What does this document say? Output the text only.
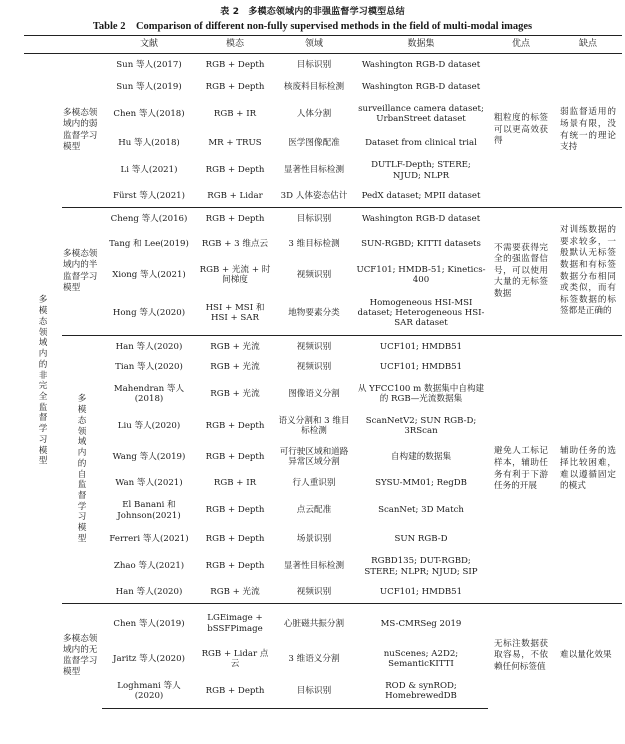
表 2　多模态领域内的非强监督学习模型总结
Table 2　Comparison of different non-fully supervised methods in the field of multi-modal images
		文献	模态	领域	数据集	优点	缺点
多模态领域内的非完全监督学习模型	多模态领域内的弱监督学习模型	Sun 等人(2017)	RGB + Depth	目标识别	Washington RGB-D dataset	粗粒度的标签可以更高效获得	弱监督适用的场景有限，没有统一的理论支持
		Sun 等人(2019)	RGB + Depth	核废料目标检测	Washington RGB-D dataset		
		Chen 等人(2018)	RGB + IR	人体分割	surveillance camera dataset; UrbanStreet dataset		
		Hu 等人(2018)	MR + TRUS	医学图像配准	Dataset from clinical trial		
		Li 等人(2021)	RGB + Depth	显著性目标检测	DUTLF-Depth; STERE; NJUD; NLPR		
		Fürst 等人(2021)	RGB + Lidar	3D 人体姿态估计	PedX dataset; MPII dataset		
	多模态领域内的半监督学习模型	Cheng 等人(2016)	RGB + Depth	目标识别	Washington RGB-D dataset	不需要获得完全的强监督信号，可以使用大量的无标签数据	对训练数据的要求较多，一般默认无标签数据和有标签数据分布相同或类似，而有标签数据的标签都是正确的
		Tang 和 Lee(2019)	RGB + 3 维点云	3 维目标检测	SUN-RGBD; KITTI datasets		
		Xiong 等人(2021)	RGB + 光流 + 时间梯度	视频识别	UCF101; HMDB-51; Kinetics-400		
		Hong 等人(2020)	HSI + MSI 和 HSI + SAR	地物要素分类	Homogeneous HSI-MSI dataset; Heterogeneous HSI-SAR dataset		
	多模态领域内的自监督学习模型	Han 等人(2020)	RGB + 光流	视频识别	UCF101; HMDB51	避免人工标记样本，辅助任务有利于下游任务的开展	辅助任务的选择比较困难，难以遵循固定的模式
		Tian 等人(2020)	RGB + 光流	视频识别	UCF101; HMDB51		
		Mahendran 等人(2018)	RGB + 光流	图像语义分割	从 YFCC100 m 数据集中自构建的 RGB—光流数据集		
		Liu 等人(2020)	RGB + Depth	语义分割和 3 维目标检测	ScanNetV2; SUN RGB-D; 3RScan		
		Wang 等人(2019)	RGB + Depth	可行驶区域和道路异常区域分割	自构建的数据集		
		Wan 等人(2021)	RGB + IR	行人重识别	SYSU-MM01; RegDB		
		El Banani 和 Johnson(2021)	RGB + Depth	点云配准	ScanNet; 3D Match		
		Ferreri 等人(2021)	RGB + Depth	场景识别	SUN RGB-D		
		Zhao 等人(2021)	RGB + Depth	显著性目标检测	RGBD135; DUT-RGBD; STERE; NLPR; NJUD; SIP		
		Han 等人(2020)	RGB + 光流	视频识别	UCF101; HMDB51		
	多模态领域内的无监督学习模型	Chen 等人(2019)	LGEimage + bSSFPimage	心脏磁共振分割	MS-CMRSeg 2019	无标注数据获取容易，不依赖任何标签值	难以量化效果
		Jaritz 等人(2020)	RGB + Lidar 点云	3 维语义分割	nuScenes; A2D2; SemanticKITTI		
		Loghmani 等人(2020)	RGB + Depth	目标识别	ROD & synROD; HomebrewedDB		
